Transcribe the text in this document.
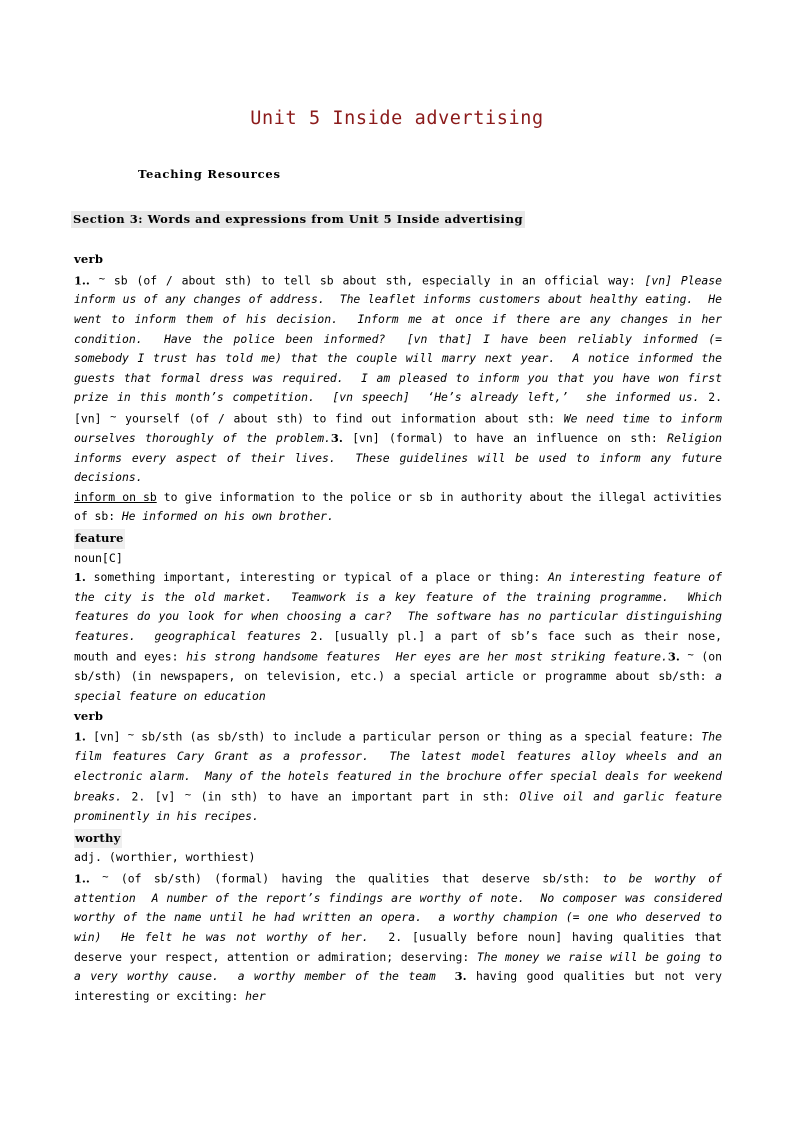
Unit 5 Inside advertising
Teaching Resources
Section 3: Words and expressions from Unit 5 Inside advertising
verb
1.. ~ sb (of / about sth) to tell sb about sth, especially in an official way: [vn] Please inform us of any changes of address. The leaflet informs customers about healthy eating. He went to inform them of his decision. Inform me at once if there are any changes in her condition. Have the police been informed? [vn that] I have been reliably informed (= somebody I trust has told me) that the couple will marry next year. A notice informed the guests that formal dress was required. I am pleased to inform you that you have won first prize in this month’s competition. [vn speech] ‘He’s already left,’ she informed us. 2. [vn] ~ yourself (of / about sth) to find out information about sth: We need time to inform ourselves thoroughly of the problem.3. [vn] (formal) to have an influence on sth: Religion informs every aspect of their lives. These guidelines will be used to inform any future decisions.
inform on sb to give information to the police or sb in authority about the illegal activities of sb: He informed on his own brother.
feature
noun[C]
1. something important, interesting or typical of a place or thing: An interesting feature of the city is the old market. Teamwork is a key feature of the training programme. Which features do you look for when choosing a car? The software has no particular distinguishing features. geographical features 2. [usually pl.] a part of sb’s face such as their nose, mouth and eyes: his strong handsome features Her eyes are her most striking feature.3. ~ (on sb/sth) (in newspapers, on television, etc.) a special article or programme about sb/sth: a special feature on education
verb
1. [vn] ~ sb/sth (as sb/sth) to include a particular person or thing as a special feature: The film features Cary Grant as a professor. The latest model features alloy wheels and an electronic alarm. Many of the hotels featured in the brochure offer special deals for weekend breaks. 2. [v] ~ (in sth) to have an important part in sth: Olive oil and garlic feature prominently in his recipes.
worthy
adj. (worthier, worthiest)
1.. ~ (of sb/sth) (formal) having the qualities that deserve sb/sth: to be worthy of attention A number of the report’s findings are worthy of note. No composer was considered worthy of the name until he had written an opera. a worthy champion (= one who deserved to win) He felt he was not worthy of her.  2. [usually before noun] having qualities that deserve your respect, attention or admiration; deserving: The money we raise will be going to a very worthy cause. a worthy member of the team 3. having good qualities but not very interesting or exciting: her
